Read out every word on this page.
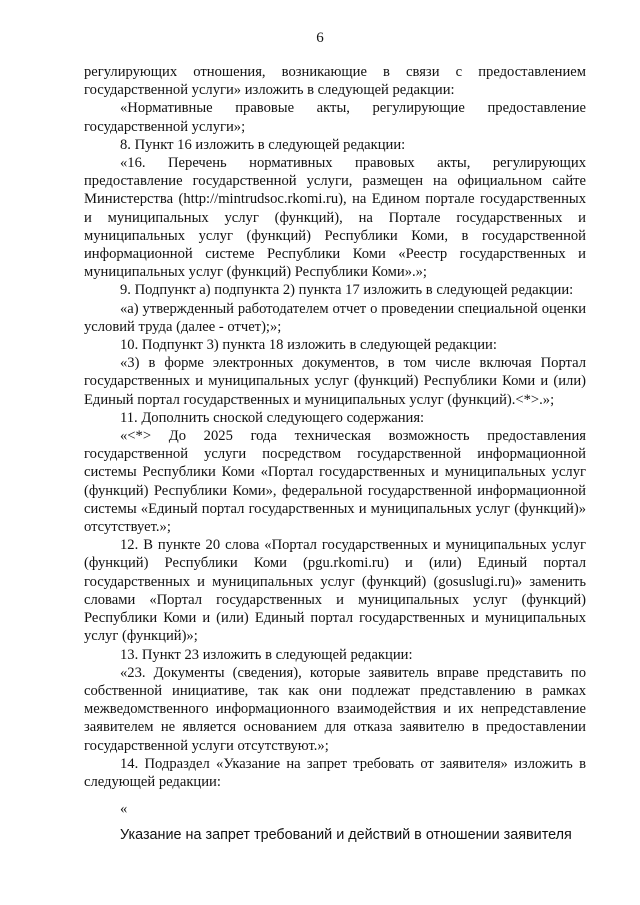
6

регулирующих отношения, возникающие в связи с предоставлением государственной услуги» изложить в следующей редакции:

«Нормативные правовые акты, регулирующие предоставление государственной услуги»;

8. Пункт 16 изложить в следующей редакции:

«16. Перечень нормативных правовых акты, регулирующих предоставление государственной услуги, размещен на официальном сайте Министерства (http://mintrudsoc.rkomi.ru), на Едином портале государственных и муниципальных услуг (функций), на Портале государственных и муниципальных услуг (функций) Республики Коми, в государственной информационной системе Республики Коми «Реестр государственных и муниципальных услуг (функций) Республики Коми».»;

9. Подпункт а) подпункта 2) пункта 17 изложить в следующей редакции:

«а) утвержденный работодателем отчет о проведении специальной оценки условий труда (далее - отчет);»;

10. Подпункт 3) пункта 18 изложить в следующей редакции:

«3) в форме электронных документов, в том числе включая Портал государственных и муниципальных услуг (функций) Республики Коми и (или) Единый портал государственных и муниципальных услуг (функций).<*>.»;

11. Дополнить сноской следующего содержания:

«<*> До 2025 года техническая возможность предоставления государственной услуги посредством государственной информационной системы Республики Коми «Портал государственных и муниципальных услуг (функций) Республики Коми», федеральной государственной информационной системы «Единый портал государственных и муниципальных услуг (функций)» отсутствует.»;

12. В пункте 20 слова «Портал государственных и муниципальных услуг (функций) Республики Коми (pgu.rkomi.ru) и (или) Единый портал государственных и муниципальных услуг (функций) (gosuslugi.ru)» заменить словами «Портал государственных и муниципальных услуг (функций) Республики Коми и (или) Единый портал государственных и муниципальных услуг (функций)»;

13. Пункт 23 изложить в следующей редакции:

«23. Документы (сведения), которые заявитель вправе представить по собственной инициативе, так как они подлежат представлению в рамках межведомственного информационного взаимодействия и их непредставление заявителем не является основанием для отказа заявителю в предоставлении государственной услуги отсутствуют.»;

14. Подраздел «Указание на запрет требовать от заявителя» изложить в следующей редакции:

«

Указание на запрет требований и действий в отношении заявителя
